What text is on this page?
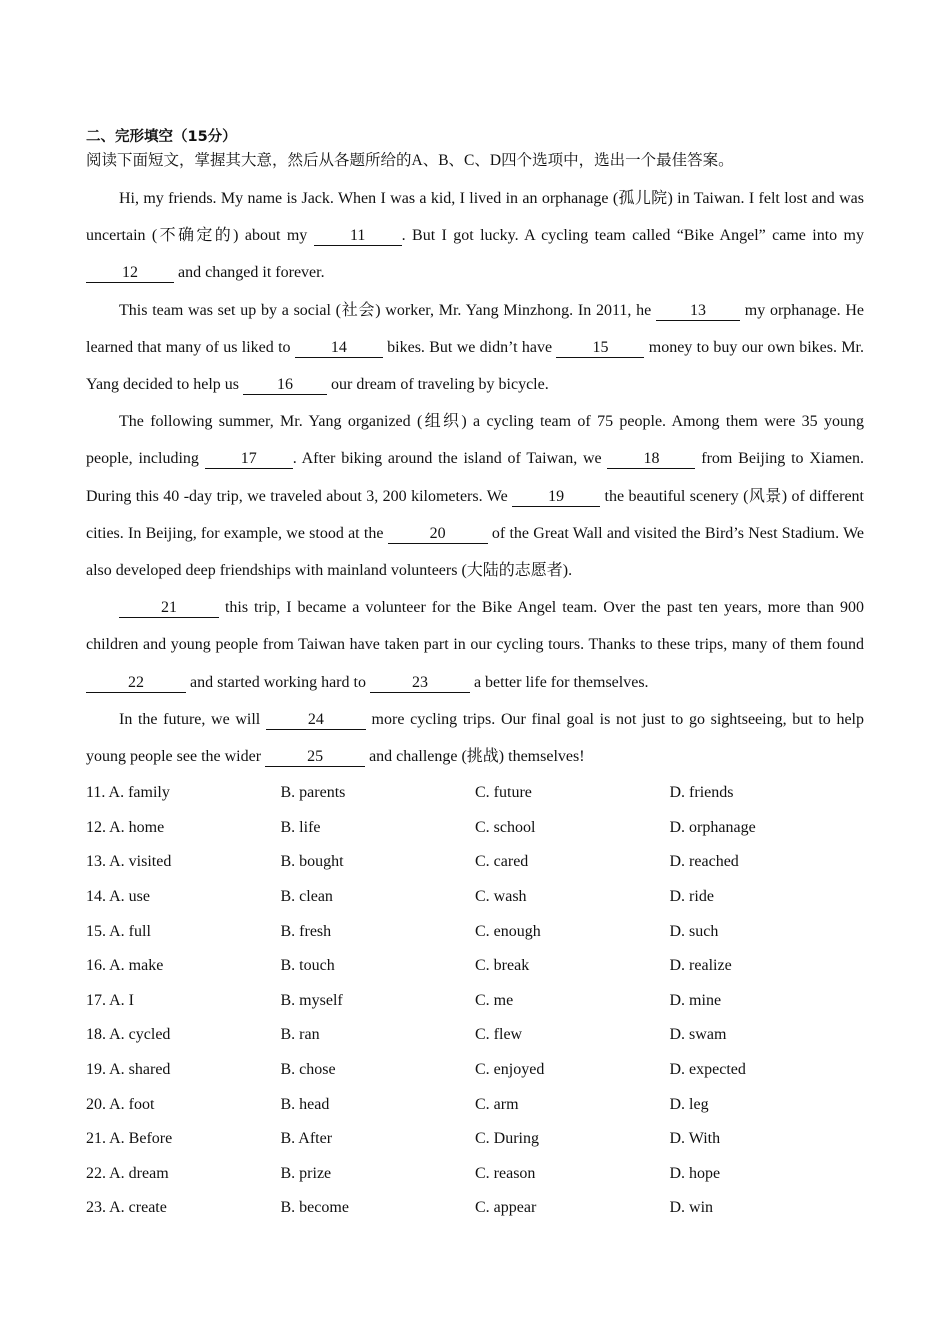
二、完形填空（15分）
阅读下面短文，掌握其大意，然后从各题所给的A、B、C、D四个选项中，选出一个最佳答案。
Hi, my friends. My name is Jack. When I was a kid, I lived in an orphanage (孤儿院) in Taiwan. I felt lost and was uncertain (不确定的) about my 11 . But I got lucky. A cycling team called “Bike Angel” came into my 12 and changed it forever.
This team was set up by a social (社会) worker, Mr. Yang Minzhong. In 2011, he 13 my orphanage. He learned that many of us liked to 14 bikes. But we didn’t have 15 money to buy our own bikes. Mr. Yang decided to help us 16 our dream of traveling by bicycle.
The following summer, Mr. Yang organized (组织) a cycling team of 75 people. Among them were 35 young people, including 17 . After biking around the island of Taiwan, we 18 from Beijing to Xiamen. During this 40 -day trip, we traveled about 3, 200 kilometers. We 19 the beautiful scenery (风景) of different cities. In Beijing, for example, we stood at the	20	of the Great Wall and visited the Bird’s Nest Stadium. We also developed deep friendships with mainland volunteers (大陆的志愿者).
21	this trip, I became a volunteer for the Bike Angel team. Over the past ten years, more than 900 children and young people from Taiwan have taken part in our cycling tours. Thanks to these trips, many of them found 22	and started working hard to	23	a better life for themselves.
In the future, we will	24	more cycling trips. Our final goal is not just to go sightseeing, but to help young people see the wider	25	and challenge (挑战) themselves!
11. A. family	B. parents	C. future	D. friends
12. A. home	B. life	C. school	D. orphanage
13. A. visited	B. bought	C. cared	D. reached
14. A. use	B. clean	C. wash	D. ride
15. A. full	B. fresh	C. enough	D. such
16. A. make	B. touch	C. break	D. realize
17. A. I	B. myself	C. me	D. mine
18. A. cycled	B. ran	C. flew	D. swam
19. A. shared	B. chose	C. enjoyed	D. expected
20. A. foot	B. head	C. arm	D. leg
21. A. Before	B. After	C. During	D. With
22. A. dream	B. prize	C. reason	D. hope
23. A. create	B. become	C. appear	D. win
